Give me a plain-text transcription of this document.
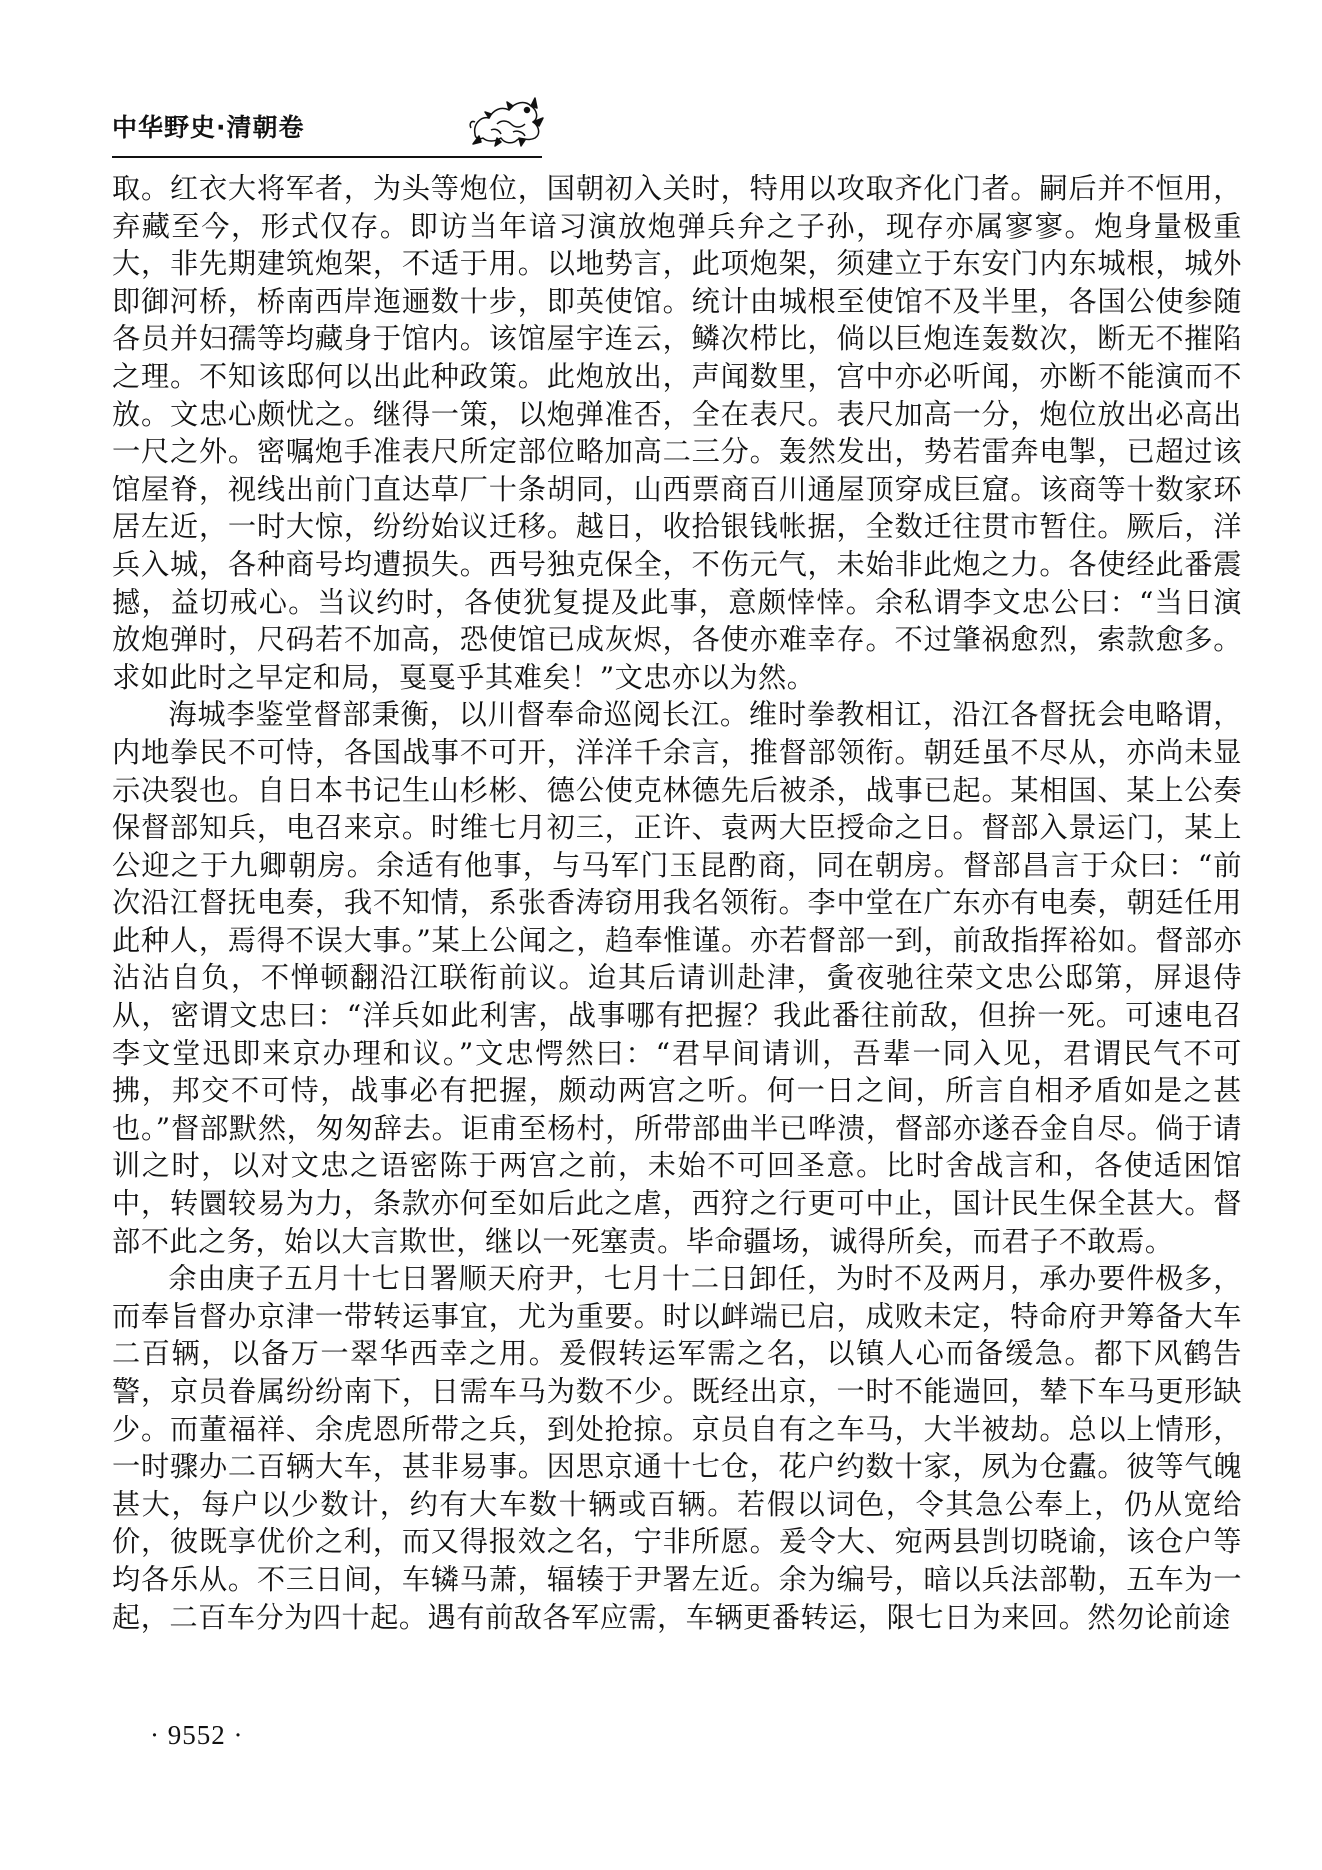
中华野史·清朝卷

取。红衣大将军者，为头等炮位，国朝初入关时，特用以攻取齐化门者。嗣后并不恒用，弃藏至今，形式仅存。即访当年谙习演放炮弹兵弁之子孙，现存亦属寥寥。炮身量极重大，非先期建筑炮架，不适于用。以地势言，此项炮架，须建立于东安门内东城根，城外即御河桥，桥南西岸迤逦数十步，即英使馆。统计由城根至使馆不及半里，各国公使参随各员并妇孺等均藏身于馆内。该馆屋宇连云，鳞次栉比，倘以巨炮连轰数次，断无不摧陷之理。不知该邸何以出此种政策。此炮放出，声闻数里，宫中亦必听闻，亦断不能演而不放。文忠心颇忧之。继得一策，以炮弹准否，全在表尺。表尺加高一分，炮位放出必高出一尺之外。密嘱炮手准表尺所定部位略加高二三分。轰然发出，势若雷奔电掣，已超过该馆屋脊，视线出前门直达草厂十条胡同，山西票商百川通屋顶穿成巨窟。该商等十数家环居左近，一时大惊，纷纷始议迁移。越日，收拾银钱帐据，全数迁往贯市暂住。厥后，洋兵入城，各种商号均遭损失。西号独克保全，不伤元气，未始非此炮之力。各使经此番震撼，益切戒心。当议约时，各使犹复提及此事，意颇悻悻。余私谓李文忠公曰：“当日演放炮弹时，尺码若不加高，恐使馆已成灰烬，各使亦难幸存。不过肇祸愈烈，索款愈多。求如此时之早定和局，戛戛乎其难矣！”文忠亦以为然。

海城李鉴堂督部秉衡，以川督奉命巡阅长江。维时拳教相讧，沿江各督抚会电略谓，内地拳民不可恃，各国战事不可开，洋洋千余言，推督部领衔。朝廷虽不尽从，亦尚未显示决裂也。自日本书记生山杉彬、德公使克林德先后被杀，战事已起。某相国、某上公奏保督部知兵，电召来京。时维七月初三，正许、袁两大臣授命之日。督部入景运门，某上公迎之于九卿朝房。余适有他事，与马军门玉昆酌商，同在朝房。督部昌言于众曰：“前次沿江督抚电奏，我不知情，系张香涛窃用我名领衔。李中堂在广东亦有电奏，朝廷任用此种人，焉得不误大事。”某上公闻之，趋奉惟谨。亦若督部一到，前敌指挥裕如。督部亦沾沾自负，不惮顿翻沿江联衔前议。迨其后请训赴津，夤夜驰往荣文忠公邸第，屏退侍从，密谓文忠曰：“洋兵如此利害，战事哪有把握？我此番往前敌，但拚一死。可速电召李文堂迅即来京办理和议。”文忠愕然曰：“君早间请训，吾辈一同入见，君谓民气不可拂，邦交不可恃，战事必有把握，颇动两宫之听。何一日之间，所言自相矛盾如是之甚也。”督部默然，匆匆辞去。讵甫至杨村，所带部曲半已哗溃，督部亦遂吞金自尽。倘于请训之时，以对文忠之语密陈于两宫之前，未始不可回圣意。比时舍战言和，各使适困馆中，转圜较易为力，条款亦何至如后此之虐，西狩之行更可中止，国计民生保全甚大。督部不此之务，始以大言欺世，继以一死塞责。毕命疆场，诚得所矣，而君子不敢焉。

余由庚子五月十七日署顺天府尹，七月十二日卸任，为时不及两月，承办要件极多，而奉旨督办京津一带转运事宜，尤为重要。时以衅端已启，成败未定，特命府尹筹备大车二百辆，以备万一翠华西幸之用。爰假转运军需之名，以镇人心而备缓急。都下风鹤告警，京员眷属纷纷南下，日需车马为数不少。既经出京，一时不能遄回，辇下车马更形缺少。而董福祥、余虎恩所带之兵，到处抢掠。京员自有之车马，大半被劫。总以上情形，一时骤办二百辆大车，甚非易事。因思京通十七仓，花户约数十家，夙为仓蠹。彼等气魄甚大，每户以少数计，约有大车数十辆或百辆。若假以词色，令其急公奉上，仍从宽给价，彼既享优价之利，而又得报效之名，宁非所愿。爰令大、宛两县剀切晓谕，该仓户等均各乐从。不三日间，车辚马萧，辐辏于尹署左近。余为编号，暗以兵法部勒，五车为一起，二百车分为四十起。遇有前敌各军应需，车辆更番转运，限七日为来回。然勿论前途

· 9552 ·
